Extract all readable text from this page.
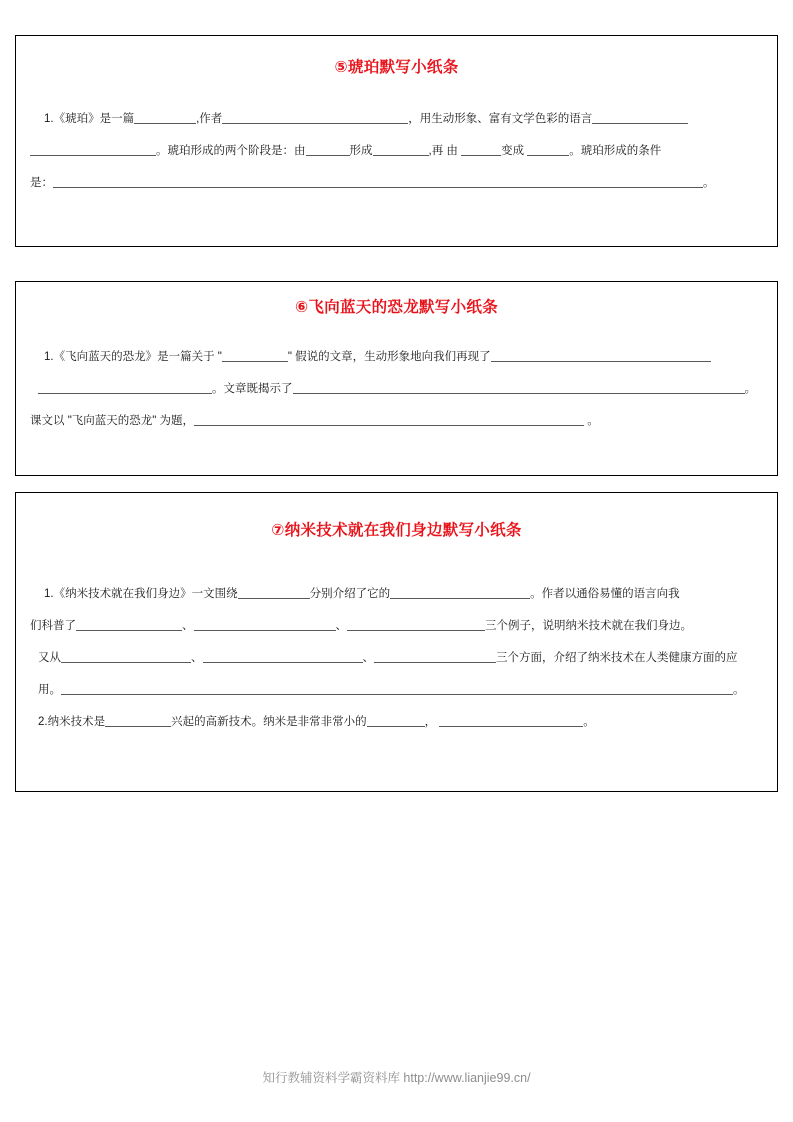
⑤琥珀默写小纸条
1.《琥珀》是一篇	,作者	，用生动形象、富有文学色彩的语言
。琥珀形成的两个阶段是：由	形成	,再 由	变成	。琥珀形成的条件
是：	。
⑥飞向蓝天的恐龙默写小纸条
1.《飞向蓝天的恐龙》是一篇关于 "	" 假说的文章，生动形象地向我们再现了
。文章既揭示了	。
课文以 "飞向蓝天的恐龙" 为题，	。
⑦纳米技术就在我们身边默写小纸条
1.《纳米技术就在我们身边》一文围绕	分别介绍了它的	。作者以通俗易懂的语言向我
们科普了	、	、	三个例子，说明纳米技术就在我们身边。
又从	、	、	三个方面，介绍了纳米技术在人类健康方面的应
用。	。
2.纳米技术是	兴起的高新技术。纳米是非常非常小的	，	。
知行教辅资料学霸资料库 http://www.lianjie99.cn/
